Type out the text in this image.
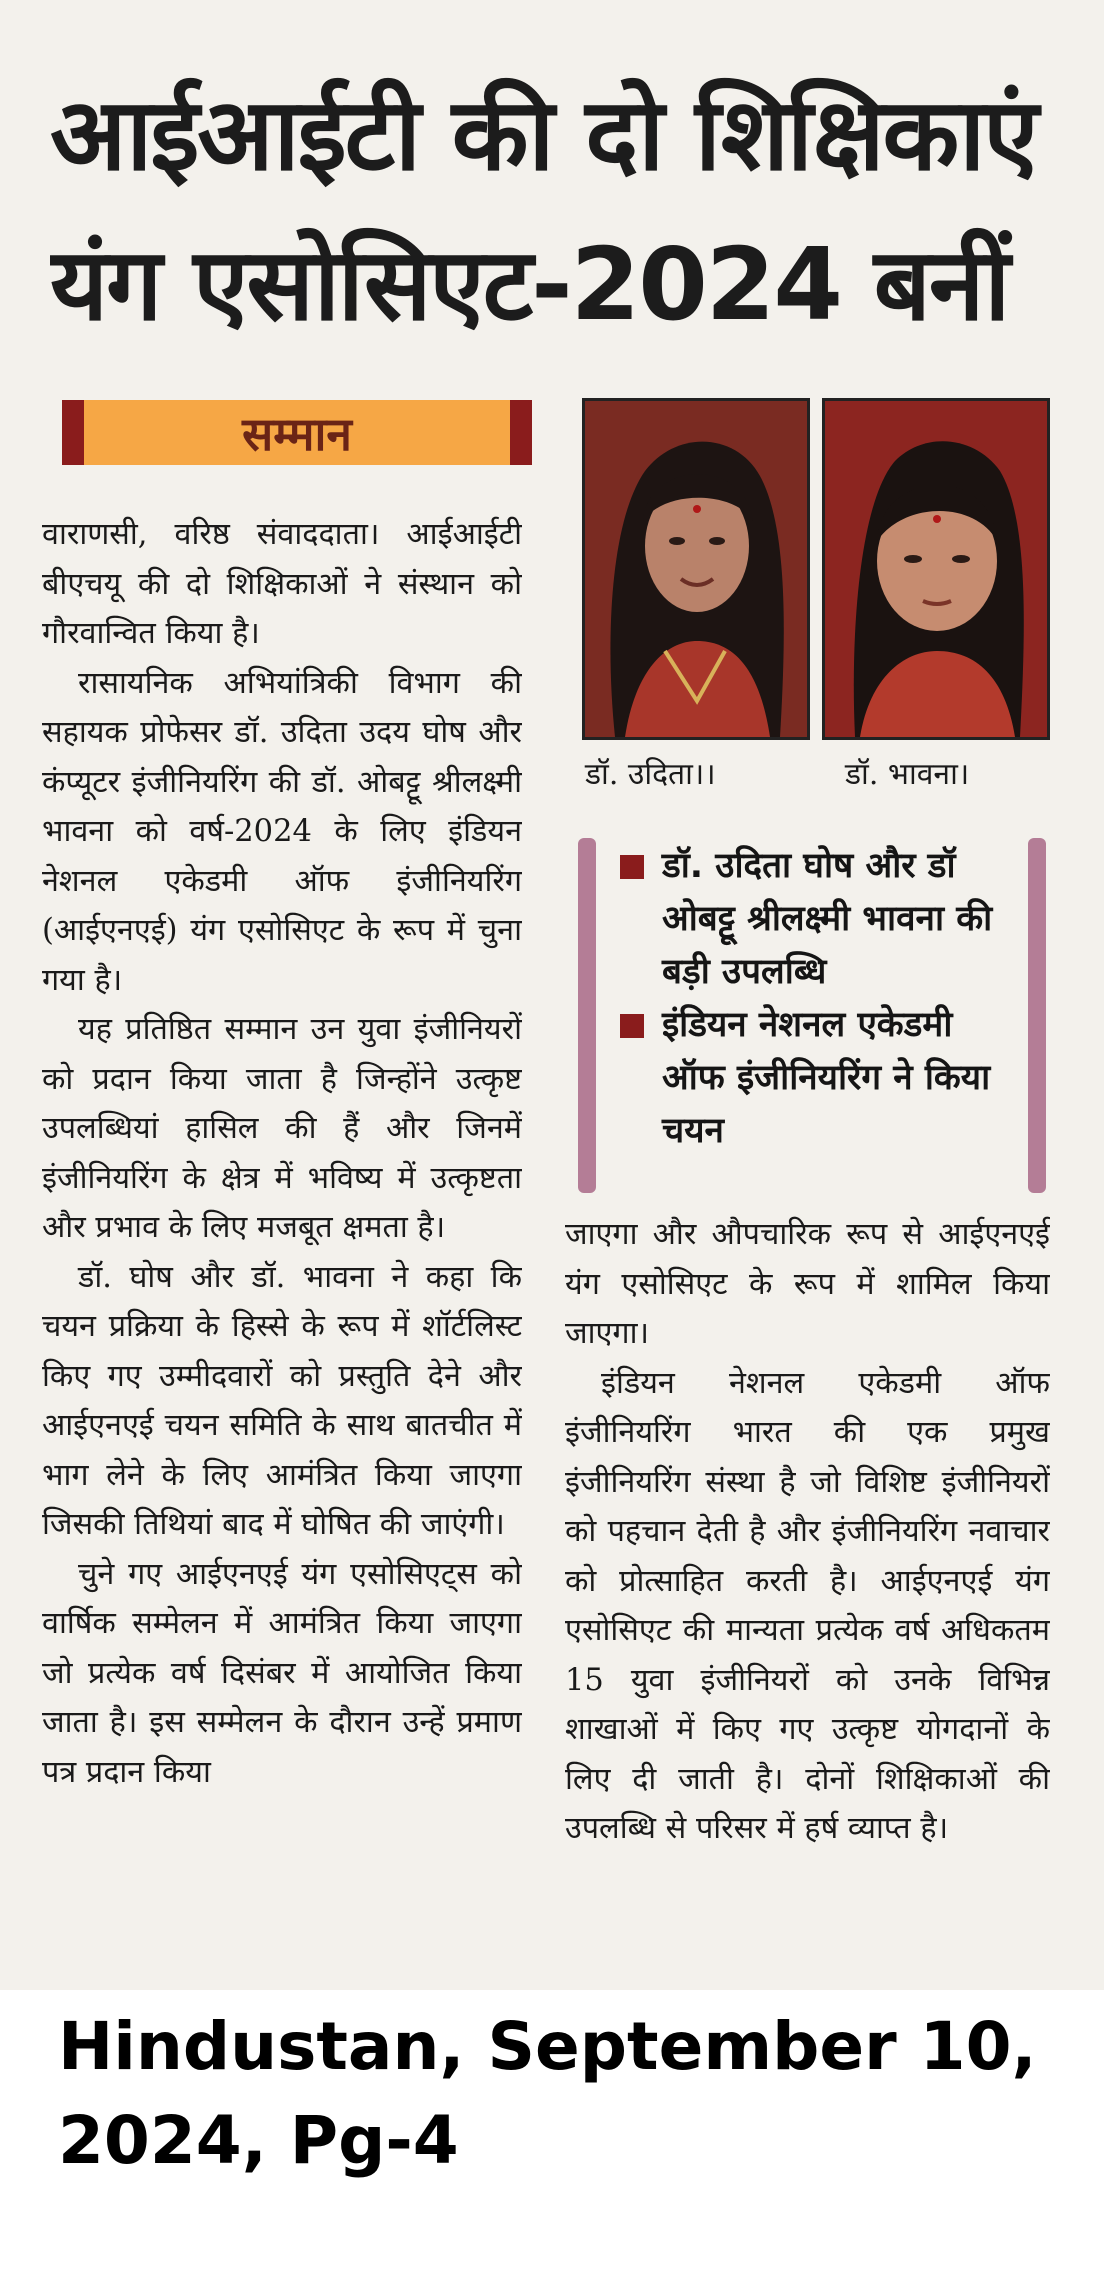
आईआईटी की दो शिक्षिकाएं
यंग एसोसिएट-2024 बनीं
सम्मान

वाराणसी, वरिष्ठ संवाददाता। आईआईटी बीएचयू की दो शिक्षिकाओं ने संस्थान को गौरवान्वित किया है।

रासायनिक अभियांत्रिकी विभाग की सहायक प्रोफेसर डॉ. उदिता उदय घोष और कंप्यूटर इंजीनियरिंग की डॉ. ओबट्टू श्रीलक्ष्मी भावना को वर्ष-2024 के लिए इंडियन नेशनल एकेडमी ऑफ इंजीनियरिंग (आईएनएई) यंग एसोसिएट के रूप में चुना गया है।

यह प्रतिष्ठित सम्मान उन युवा इंजीनियरों को प्रदान किया जाता है जिन्होंने उत्कृष्ट उपलब्धियां हासिल की हैं और जिनमें इंजीनियरिंग के क्षेत्र में भविष्य में उत्कृष्टता और प्रभाव के लिए मजबूत क्षमता है।

डॉ. घोष और डॉ. भावना ने कहा कि चयन प्रक्रिया के हिस्से के रूप में शॉर्टलिस्ट किए गए उम्मीदवारों को प्रस्तुति देने और आईएनएई चयन समिति के साथ बातचीत में भाग लेने के लिए आमंत्रित किया जाएगा जिसकी तिथियां बाद में घोषित की जाएंगी।

चुने गए आईएनएई यंग एसोसिएट्स को वार्षिक सम्मेलन में आमंत्रित किया जाएगा जो प्रत्येक वर्ष दिसंबर में आयोजित किया जाता है। इस सम्मेलन के दौरान उन्हें प्रमाण पत्र प्रदान किया

डॉ. उदिता।।	डॉ. भावना।
डॉ. उदिता घोष और डॉ ओबट्टू श्रीलक्ष्मी भावना की बड़ी उपलब्धि
इंडियन नेशनल एकेडमी ऑफ इंजीनियरिंग ने किया चयन

जाएगा और औपचारिक रूप से आईएनएई यंग एसोसिएट के रूप में शामिल किया जाएगा।

इंडियन नेशनल एकेडमी ऑफ इंजीनियरिंग भारत की एक प्रमुख इंजीनियरिंग संस्था है जो विशिष्ट इंजीनियरों को पहचान देती है और इंजीनियरिंग नवाचार को प्रोत्साहित करती है। आईएनएई यंग एसोसिएट की मान्यता प्रत्येक वर्ष अधिकतम 15 युवा इंजीनियरों को उनके विभिन्न शाखाओं में किए गए उत्कृष्ट योगदानों के लिए दी जाती है। दोनों शिक्षिकाओं की उपलब्धि से परिसर में हर्ष व्याप्त है।

Hindustan, September 10, 2024, Pg-4
